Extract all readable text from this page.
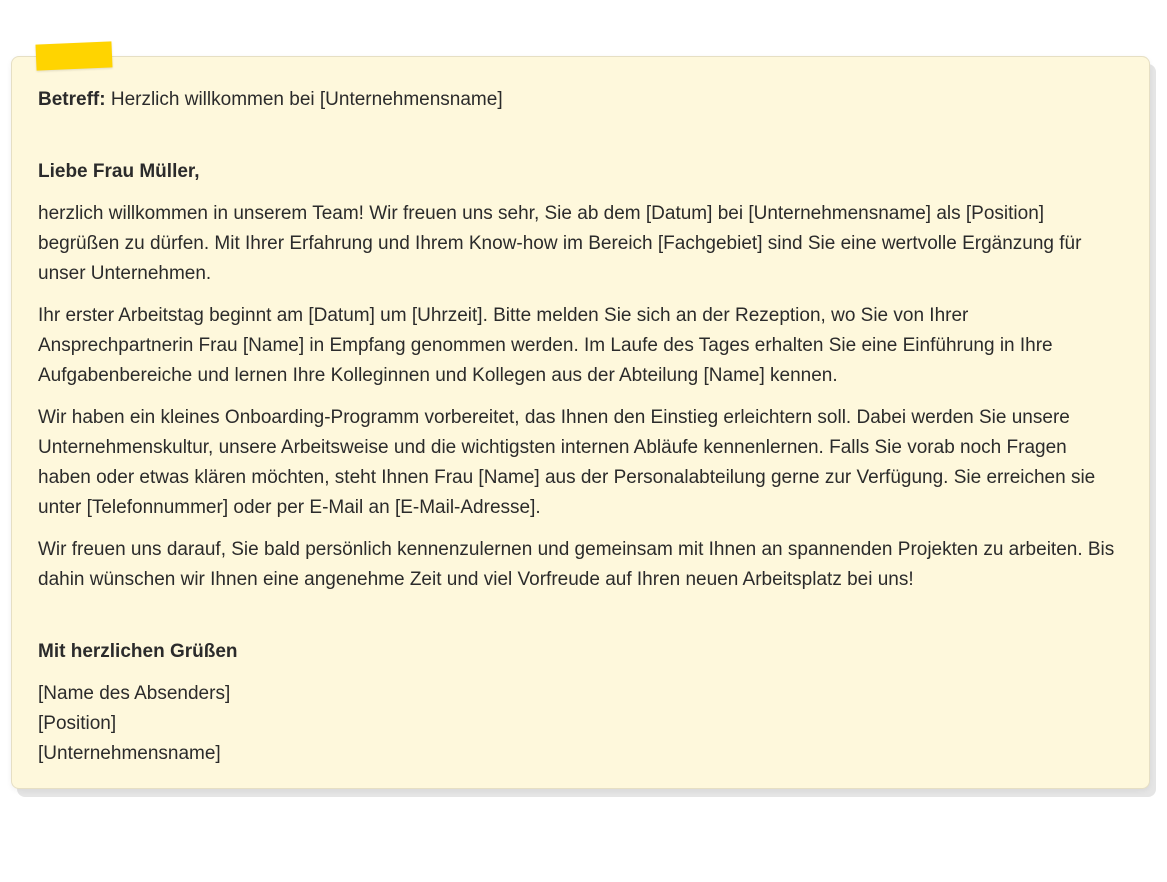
Betreff: Herzlich willkommen bei [Unternehmensname]

Liebe Frau Müller,

herzlich willkommen in unserem Team! Wir freuen uns sehr, Sie ab dem [Datum] bei [Unternehmensname] als [Position] begrüßen zu dürfen. Mit Ihrer Erfahrung und Ihrem Know-how im Bereich [Fachgebiet] sind Sie eine wertvolle Ergänzung für unser Unternehmen.

Ihr erster Arbeitstag beginnt am [Datum] um [Uhrzeit]. Bitte melden Sie sich an der Rezeption, wo Sie von Ihrer Ansprechpartnerin Frau [Name] in Empfang genommen werden. Im Laufe des Tages erhalten Sie eine Einführung in Ihre Aufgabenbereiche und lernen Ihre Kolleginnen und Kollegen aus der Abteilung [Name] kennen.

Wir haben ein kleines Onboarding-Programm vorbereitet, das Ihnen den Einstieg erleichtern soll. Dabei werden Sie unsere Unternehmenskultur, unsere Arbeitsweise und die wichtigsten internen Abläufe kennenlernen. Falls Sie vorab noch Fragen haben oder etwas klären möchten, steht Ihnen Frau [Name] aus der Personalabteilung gerne zur Verfügung. Sie erreichen sie unter [Telefonnummer] oder per E-Mail an [E-Mail-Adresse].

Wir freuen uns darauf, Sie bald persönlich kennenzulernen und gemeinsam mit Ihnen an spannenden Projekten zu arbeiten. Bis dahin wünschen wir Ihnen eine angenehme Zeit und viel Vorfreude auf Ihren neuen Arbeitsplatz bei uns!

Mit herzlichen Grüßen

[Name des Absenders]

[Position]

[Unternehmensname]
